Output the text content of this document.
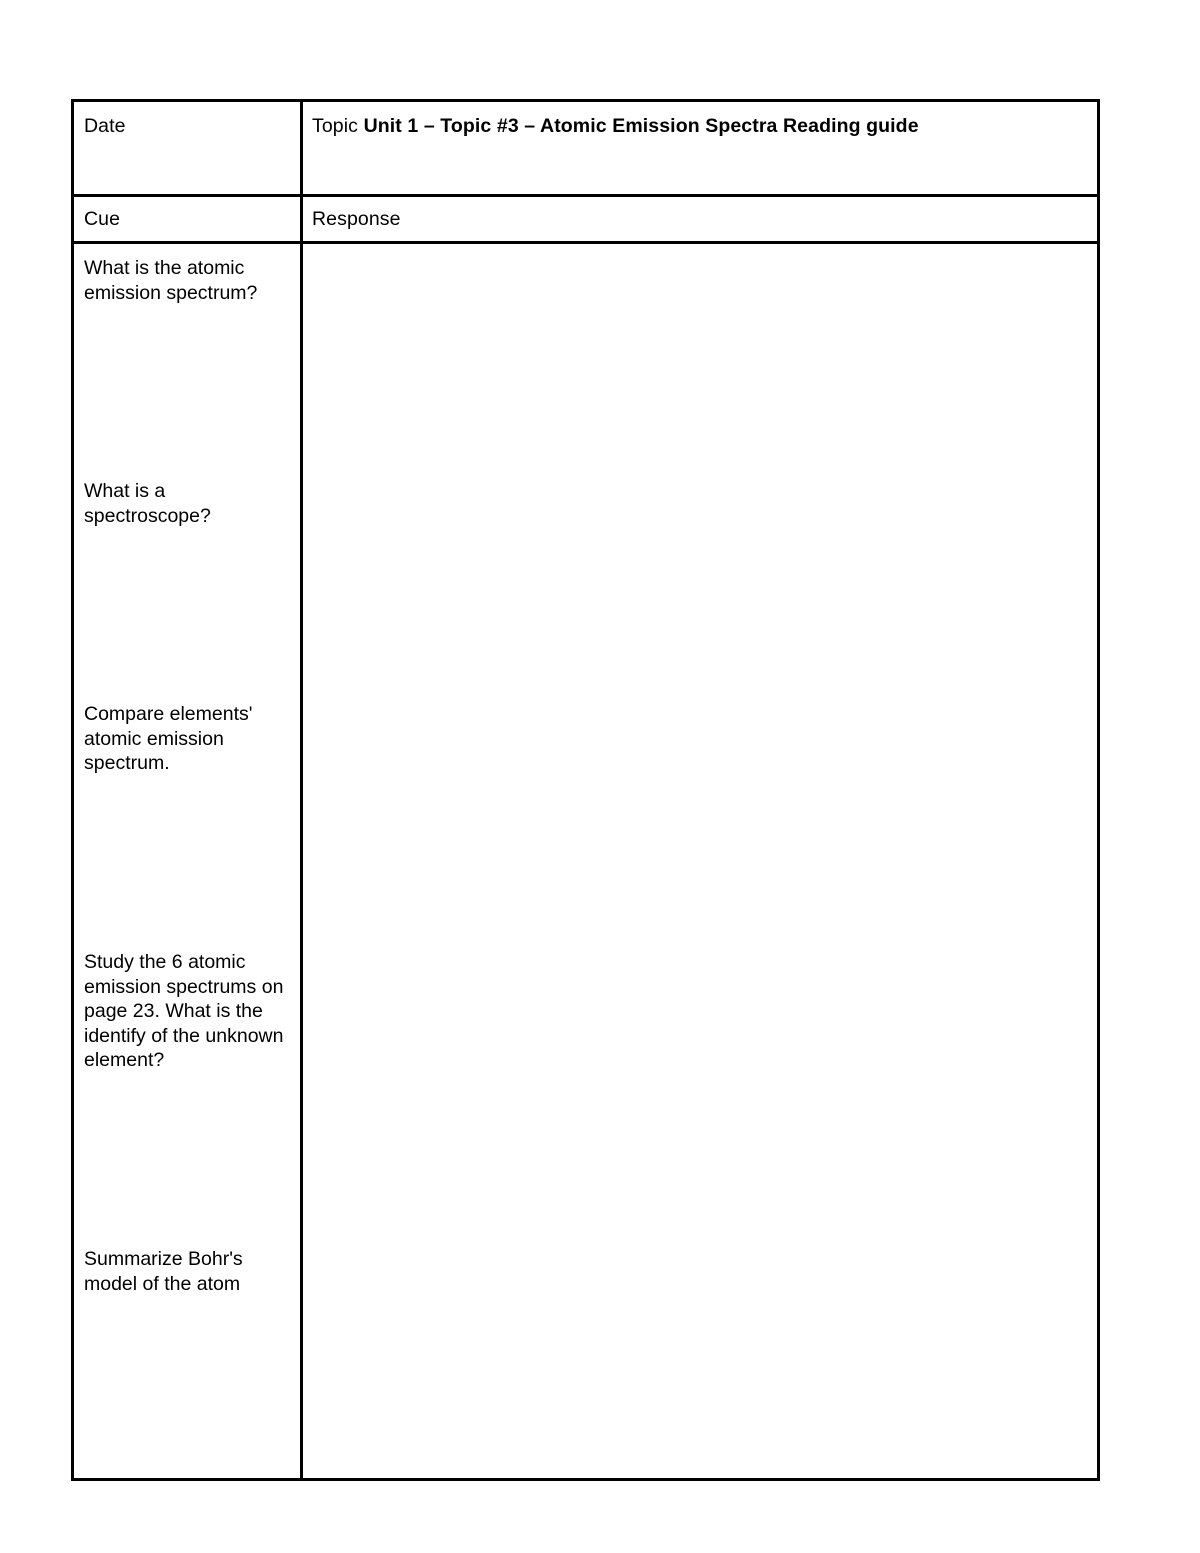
Date	Topic Unit 1 – Topic #3 – Atomic Emission Spectra Reading guide
Cue	Response
What is the atomic emission spectrum?
What is a spectroscope?
Compare elements' atomic emission spectrum.
Study the 6 atomic emission spectrums on page 23. What is the identify of the unknown element?
Summarize Bohr's model of the atom
